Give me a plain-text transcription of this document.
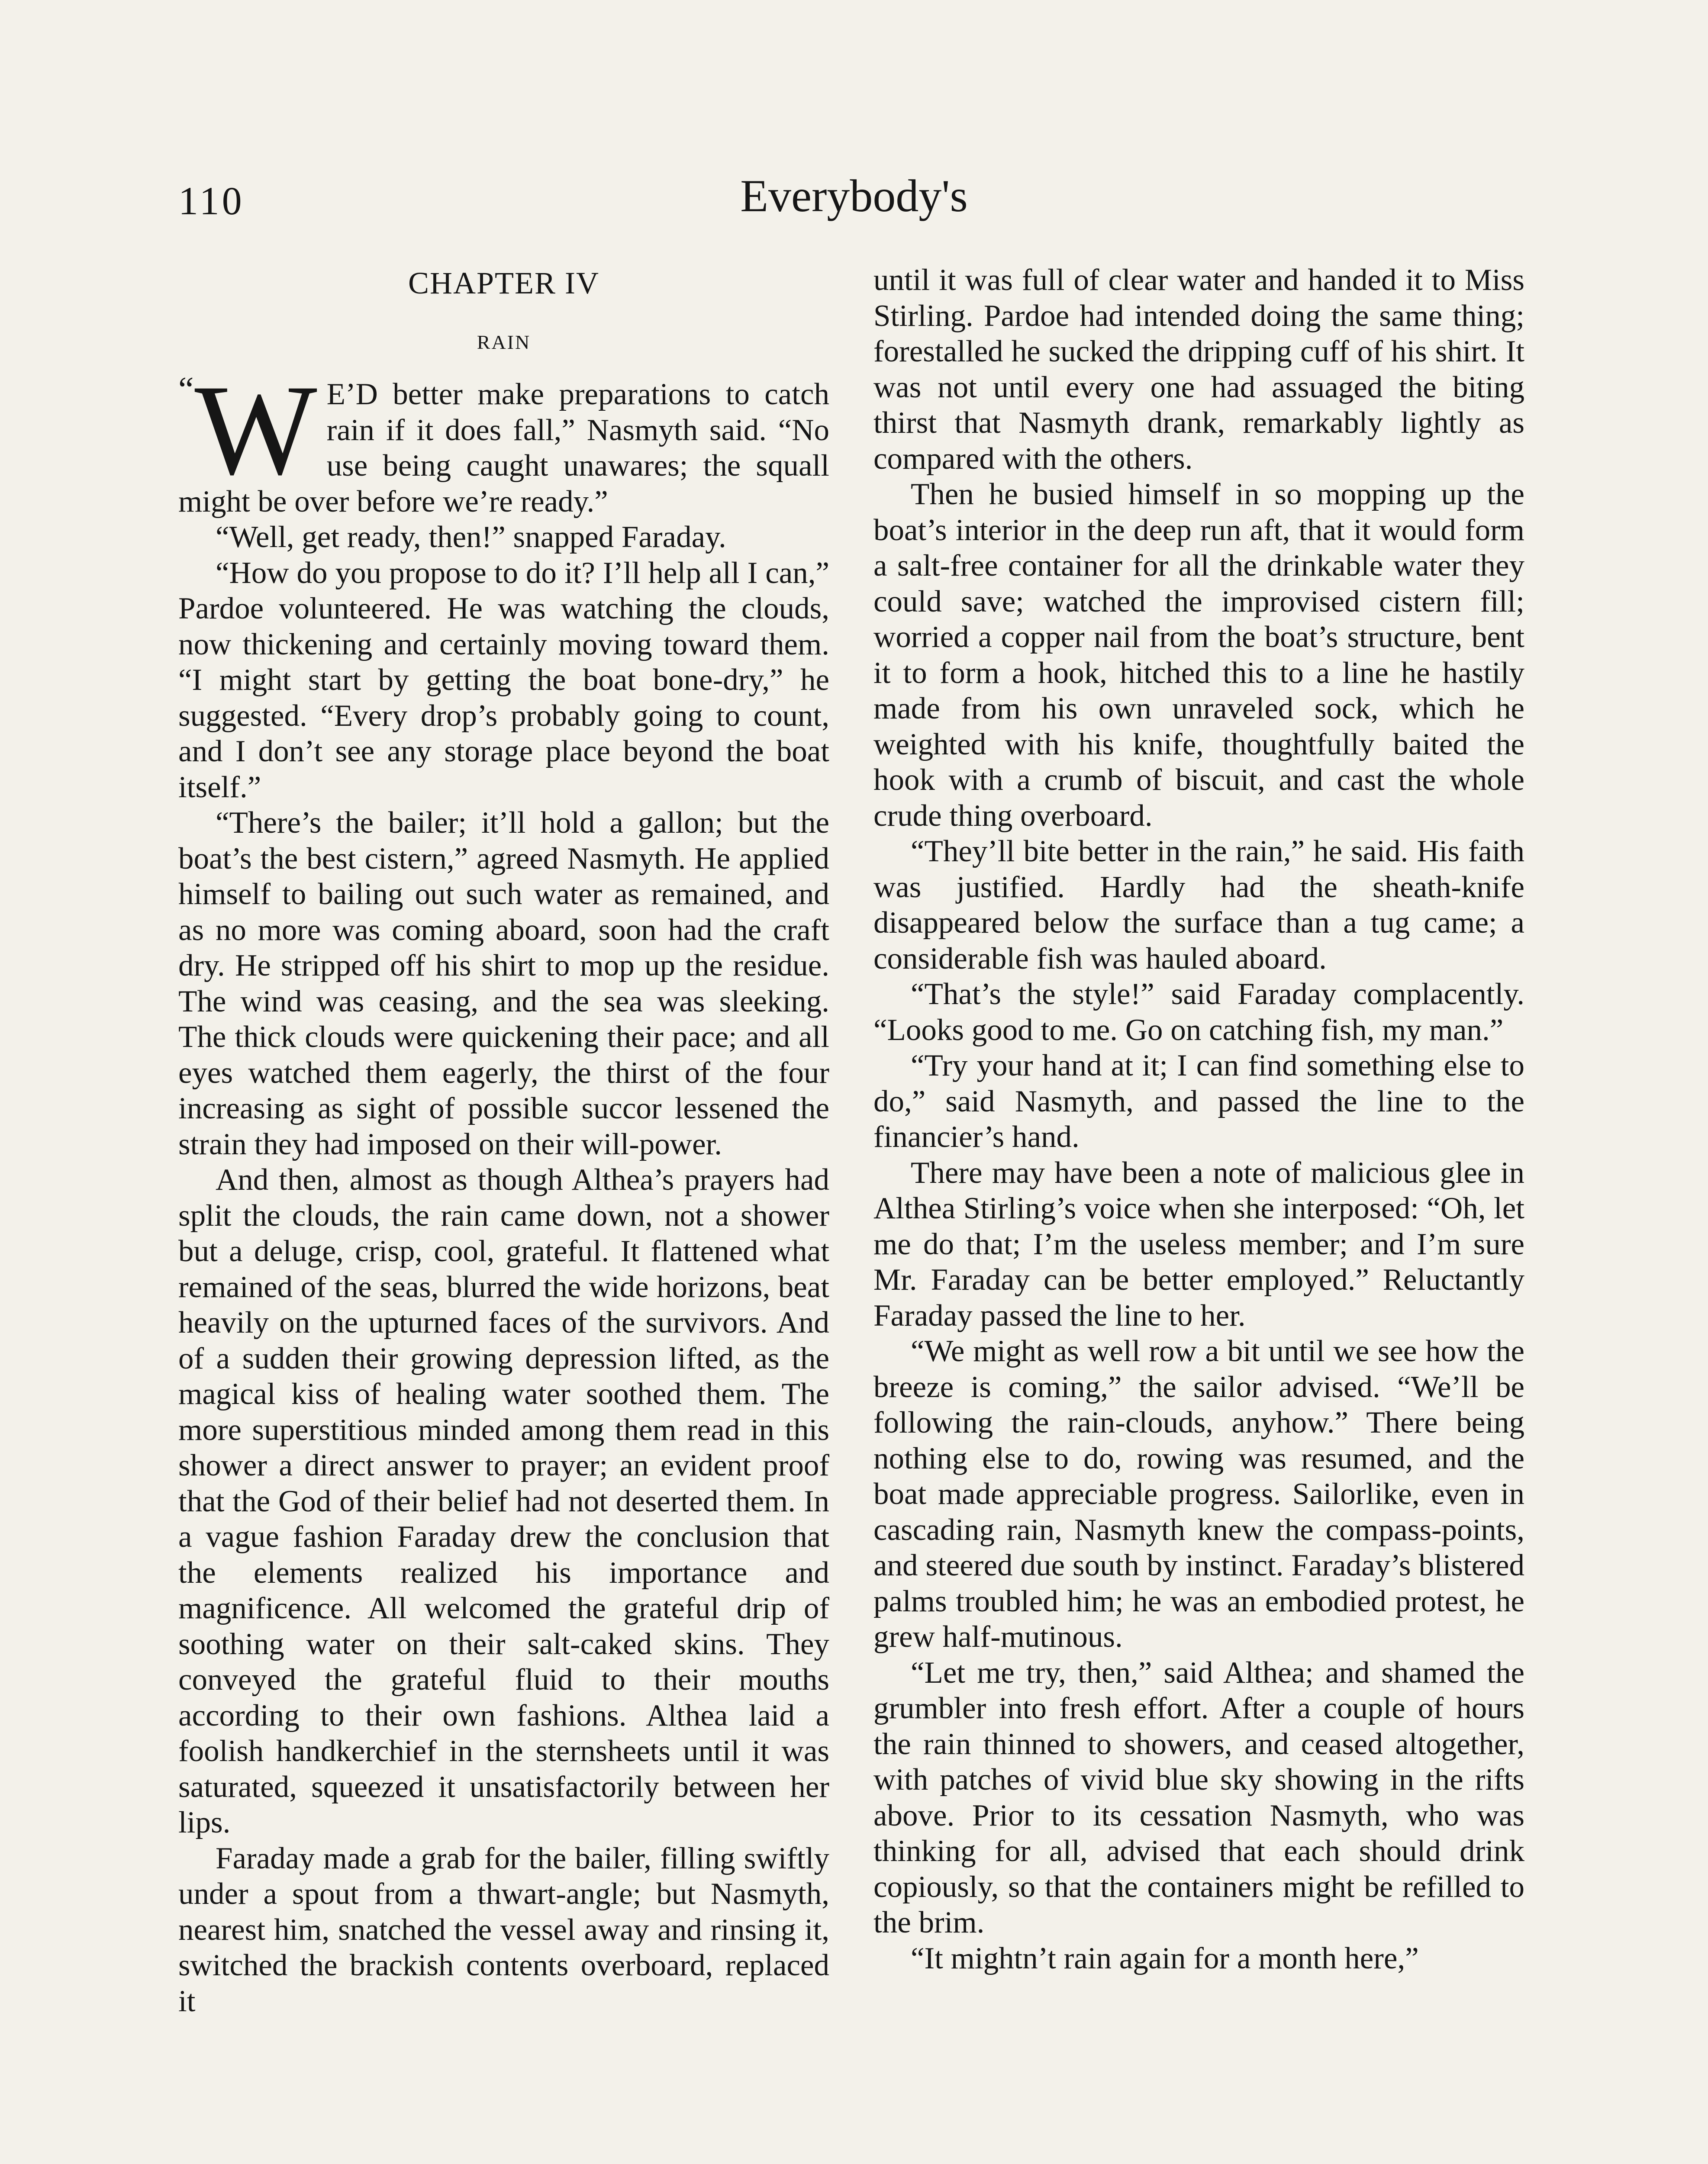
110	Everybody's
CHAPTER IV
RAIN

“ W E’D better make preparations to catch rain if it does fall,” Nasmyth said. “No use being caught unawares; the squall might be over before we’re ready.”

“Well, get ready, then!” snapped Faraday.

“How do you propose to do it? I’ll help all I can,” Pardoe volunteered. He was watching the clouds, now thickening and certainly moving toward them. “I might start by getting the boat bone-dry,” he suggested. “Every drop’s probably going to count, and I don’t see any storage place beyond the boat itself.”

“There’s the bailer; it’ll hold a gallon; but the boat’s the best cistern,” agreed Nasmyth. He applied himself to bailing out such water as remained, and as no more was coming aboard, soon had the craft dry. He stripped off his shirt to mop up the residue. The wind was ceasing, and the sea was sleeking. The thick clouds were quickening their pace; and all eyes watched them eagerly, the thirst of the four increasing as sight of possible succor lessened the strain they had imposed on their will-power.

And then, almost as though Althea’s prayers had split the clouds, the rain came down, not a shower but a deluge, crisp, cool, grateful. It flattened what remained of the seas, blurred the wide horizons, beat heavily on the upturned faces of the survivors. And of a sudden their growing depression lifted, as the magical kiss of healing water soothed them. The more superstitious minded among them read in this shower a direct answer to prayer; an evident proof that the God of their belief had not deserted them. In a vague fashion Faraday drew the conclusion that the elements realized his importance and magnificence. All welcomed the grateful drip of soothing water on their salt-caked skins. They conveyed the grateful fluid to their mouths according to their own fashions. Althea laid a foolish handkerchief in the sternsheets until it was saturated, squeezed it unsatisfactorily between her lips.

Faraday made a grab for the bailer, filling swiftly under a spout from a thwart-angle; but Nasmyth, nearest him, snatched the vessel away and rinsing it, switched the brackish contents overboard, replaced it

until it was full of clear water and handed it to Miss Stirling. Pardoe had intended doing the same thing; forestalled he sucked the dripping cuff of his shirt. It was not until every one had assuaged the biting thirst that Nasmyth drank, remarkably lightly as compared with the others.

Then he busied himself in so mopping up the boat’s interior in the deep run aft, that it would form a salt-free container for all the drinkable water they could save; watched the improvised cistern fill; worried a copper nail from the boat’s structure, bent it to form a hook, hitched this to a line he hastily made from his own unraveled sock, which he weighted with his knife, thoughtfully baited the hook with a crumb of biscuit, and cast the whole crude thing overboard.

“They’ll bite better in the rain,” he said. His faith was justified. Hardly had the sheath-knife disappeared below the surface than a tug came; a considerable fish was hauled aboard.

“That’s the style!” said Faraday complacently. “Looks good to me. Go on catching fish, my man.”

“Try your hand at it; I can find something else to do,” said Nasmyth, and passed the line to the financier’s hand.

There may have been a note of malicious glee in Althea Stirling’s voice when she interposed: “Oh, let me do that; I’m the useless member; and I’m sure Mr. Faraday can be better employed.” Reluctantly Faraday passed the line to her.

“We might as well row a bit until we see how the breeze is coming,” the sailor advised. “We’ll be following the rain-clouds, anyhow.” There being nothing else to do, rowing was resumed, and the boat made appreciable progress. Sailorlike, even in cascading rain, Nasmyth knew the compass-points, and steered due south by instinct. Faraday’s blistered palms troubled him; he was an embodied protest, he grew half-mutinous.

“Let me try, then,” said Althea; and shamed the grumbler into fresh effort. After a couple of hours the rain thinned to showers, and ceased altogether, with patches of vivid blue sky showing in the rifts above. Prior to its cessation Nasmyth, who was thinking for all, advised that each should drink copiously, so that the containers might be refilled to the brim.

“It mightn’t rain again for a month here,”
